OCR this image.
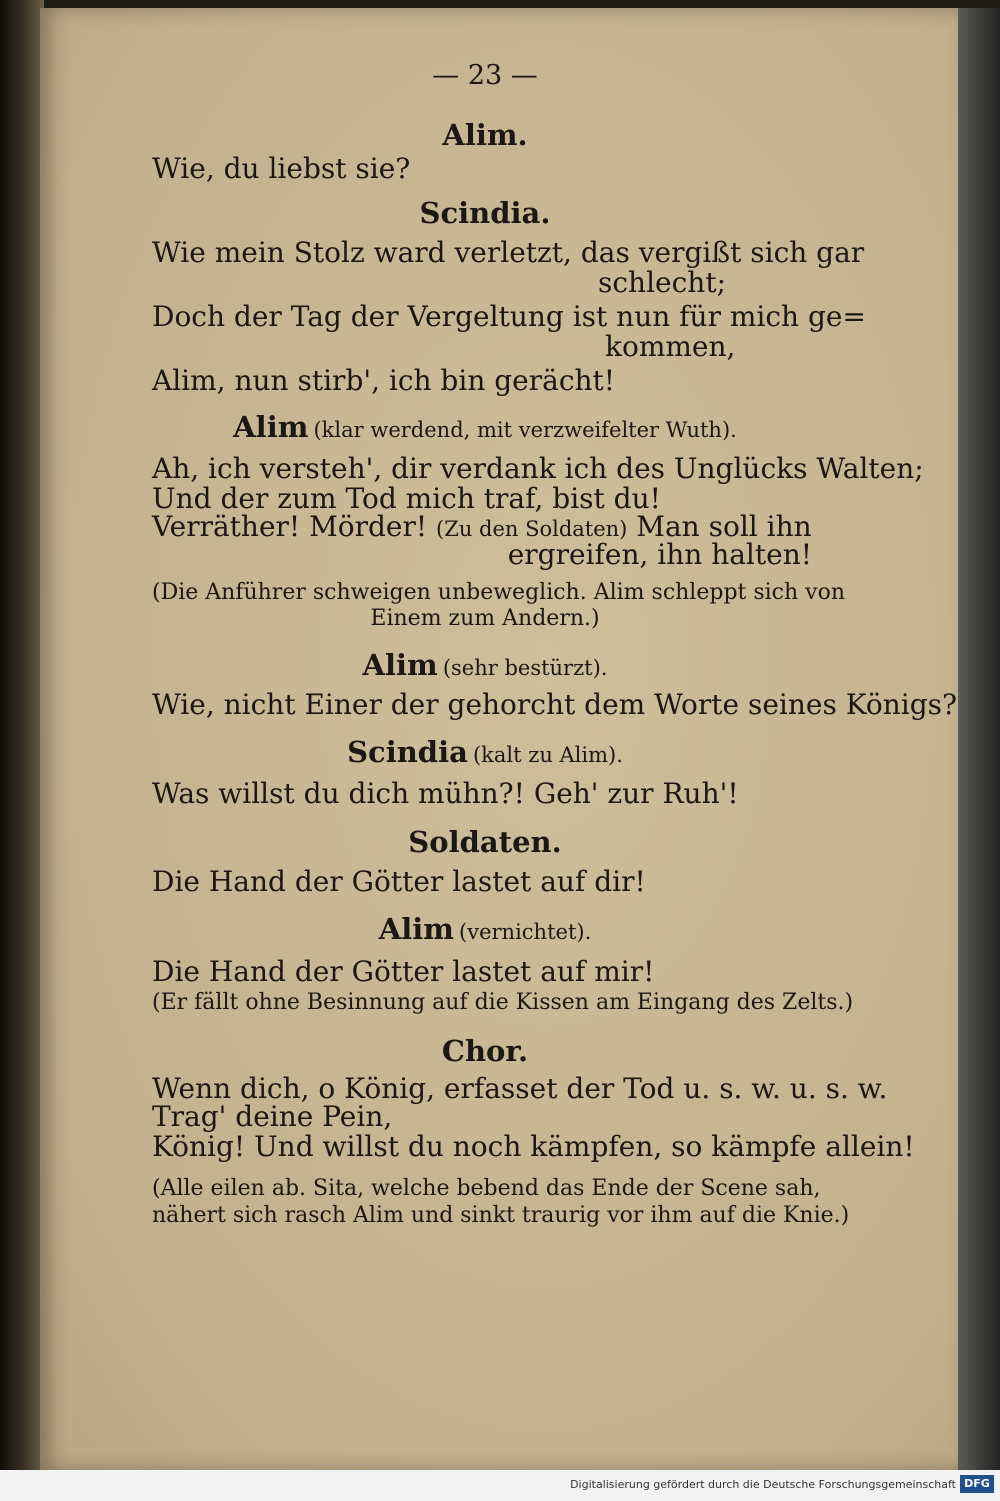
— 23 —
Alim.
Wie, du liebst sie?
Scindia.
Wie mein Stolz ward verletzt, das vergißt sich gar
schlecht;
Doch der Tag der Vergeltung ist nun für mich ge=
kommen,
Alim, nun stirb', ich bin gerächt!
Alim (klar werdend, mit verzweifelter Wuth).
Ah, ich versteh', dir verdank ich des Unglücks Walten;
Und der zum Tod mich traf, bist du!
Verräther! Mörder! (Zu den Soldaten) Man soll ihn
ergreifen, ihn halten!
(Die Anführer schweigen unbeweglich. Alim schleppt sich von
Einem zum Andern.)
Alim (sehr bestürzt).
Wie, nicht Einer der gehorcht dem Worte seines Königs?
Scindia (kalt zu Alim).
Was willst du dich mühn?! Geh' zur Ruh'!
Soldaten.
Die Hand der Götter lastet auf dir!
Alim (vernichtet).
Die Hand der Götter lastet auf mir!
(Er fällt ohne Besinnung auf die Kissen am Eingang des Zelts.)
Chor.
Wenn dich, o König, erfasset der Tod u. s. w. u. s. w.
Trag' deine Pein,
König! Und willst du noch kämpfen, so kämpfe allein!
(Alle eilen ab. Sita, welche bebend das Ende der Scene sah,
nähert sich rasch Alim und sinkt traurig vor ihm auf die Knie.)
Digitalisierung gefördert durch die Deutsche Forschungsgemeinschaft DFG
